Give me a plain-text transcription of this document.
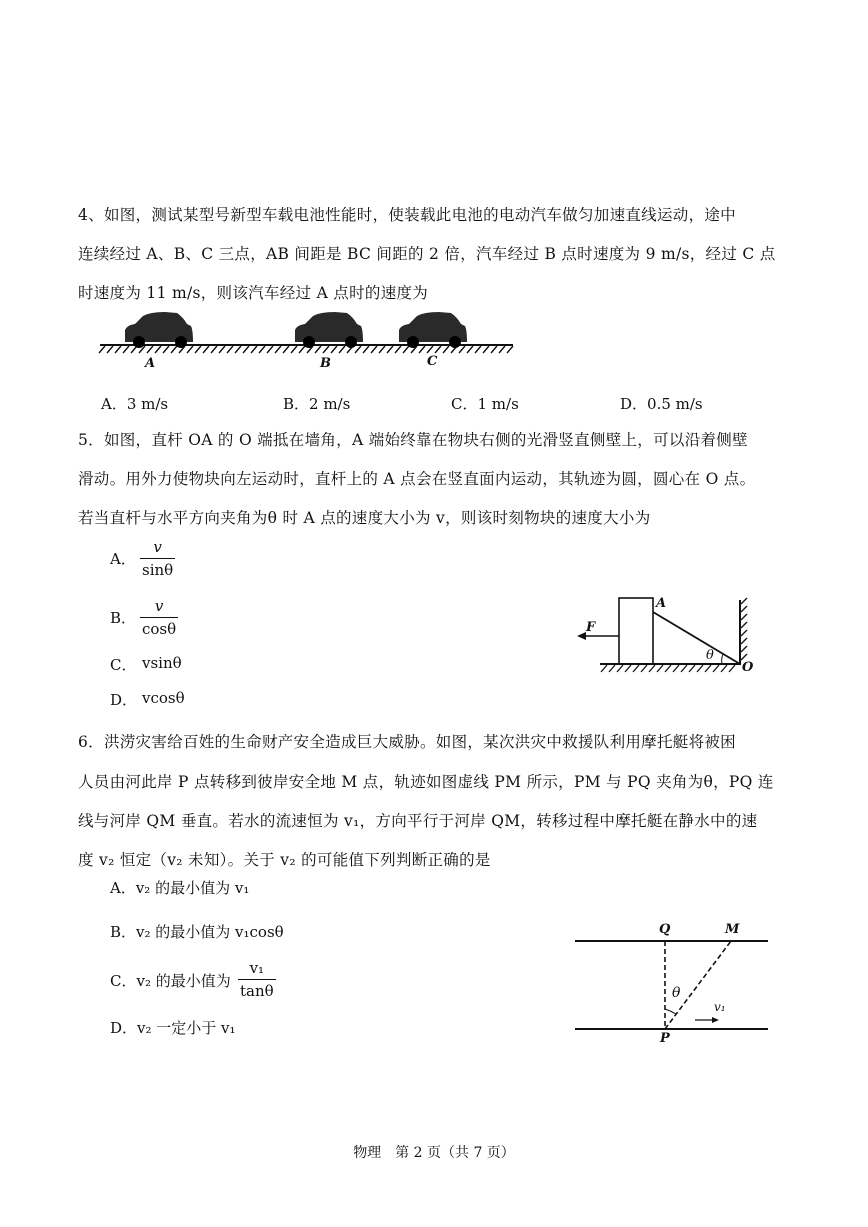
4、如图，测试某型号新型车载电池性能时，使装载此电池的电动汽车做匀加速直线运动，途中
连续经过 A、B、C 三点，AB 间距是 BC 间距的 2 倍，汽车经过 B 点时速度为 9 m/s，经过 C 点
时速度为 11 m/s，则该汽车经过 A 点时的速度为
A	B	C
A．3 m/s	B．2 m/s	C．1 m/s	D．0.5 m/s
5．如图，直杆 OA 的 O 端抵在墙角，A 端始终靠在物块右侧的光滑竖直侧壁上，可以沿着侧壁
滑动。用外力使物块向左运动时，直杆上的 A 点会在竖直面内运动，其轨迹为圆，圆心在 O 点。
若当直杆与水平方向夹角为θ 时 A 点的速度大小为 v，则该时刻物块的速度大小为
A．
v
sinθ
B．
v
cosθ
C． vsinθ
D． vcosθ
F
A
θ
O
6．洪涝灾害给百姓的生命财产安全造成巨大威胁。如图，某次洪灾中救援队利用摩托艇将被困
人员由河此岸 P 点转移到彼岸安全地 M 点，轨迹如图虚线 PM 所示，PM 与 PQ 夹角为θ，PQ 连
线与河岸 QM 垂直。若水的流速恒为 v₁，方向平行于河岸 QM，转移过程中摩托艇在静水中的速
度 v₂ 恒定（v₂ 未知）。关于 v₂ 的可能值下列判断正确的是
A．v₂ 的最小值为 v₁
B．v₂ 的最小值为 v₁cosθ
C．v₂ 的最小值为
v₁
tanθ
D．v₂ 一定小于 v₁
Q	M
θ
v₁
P
物理　第 2 页（共 7 页）
